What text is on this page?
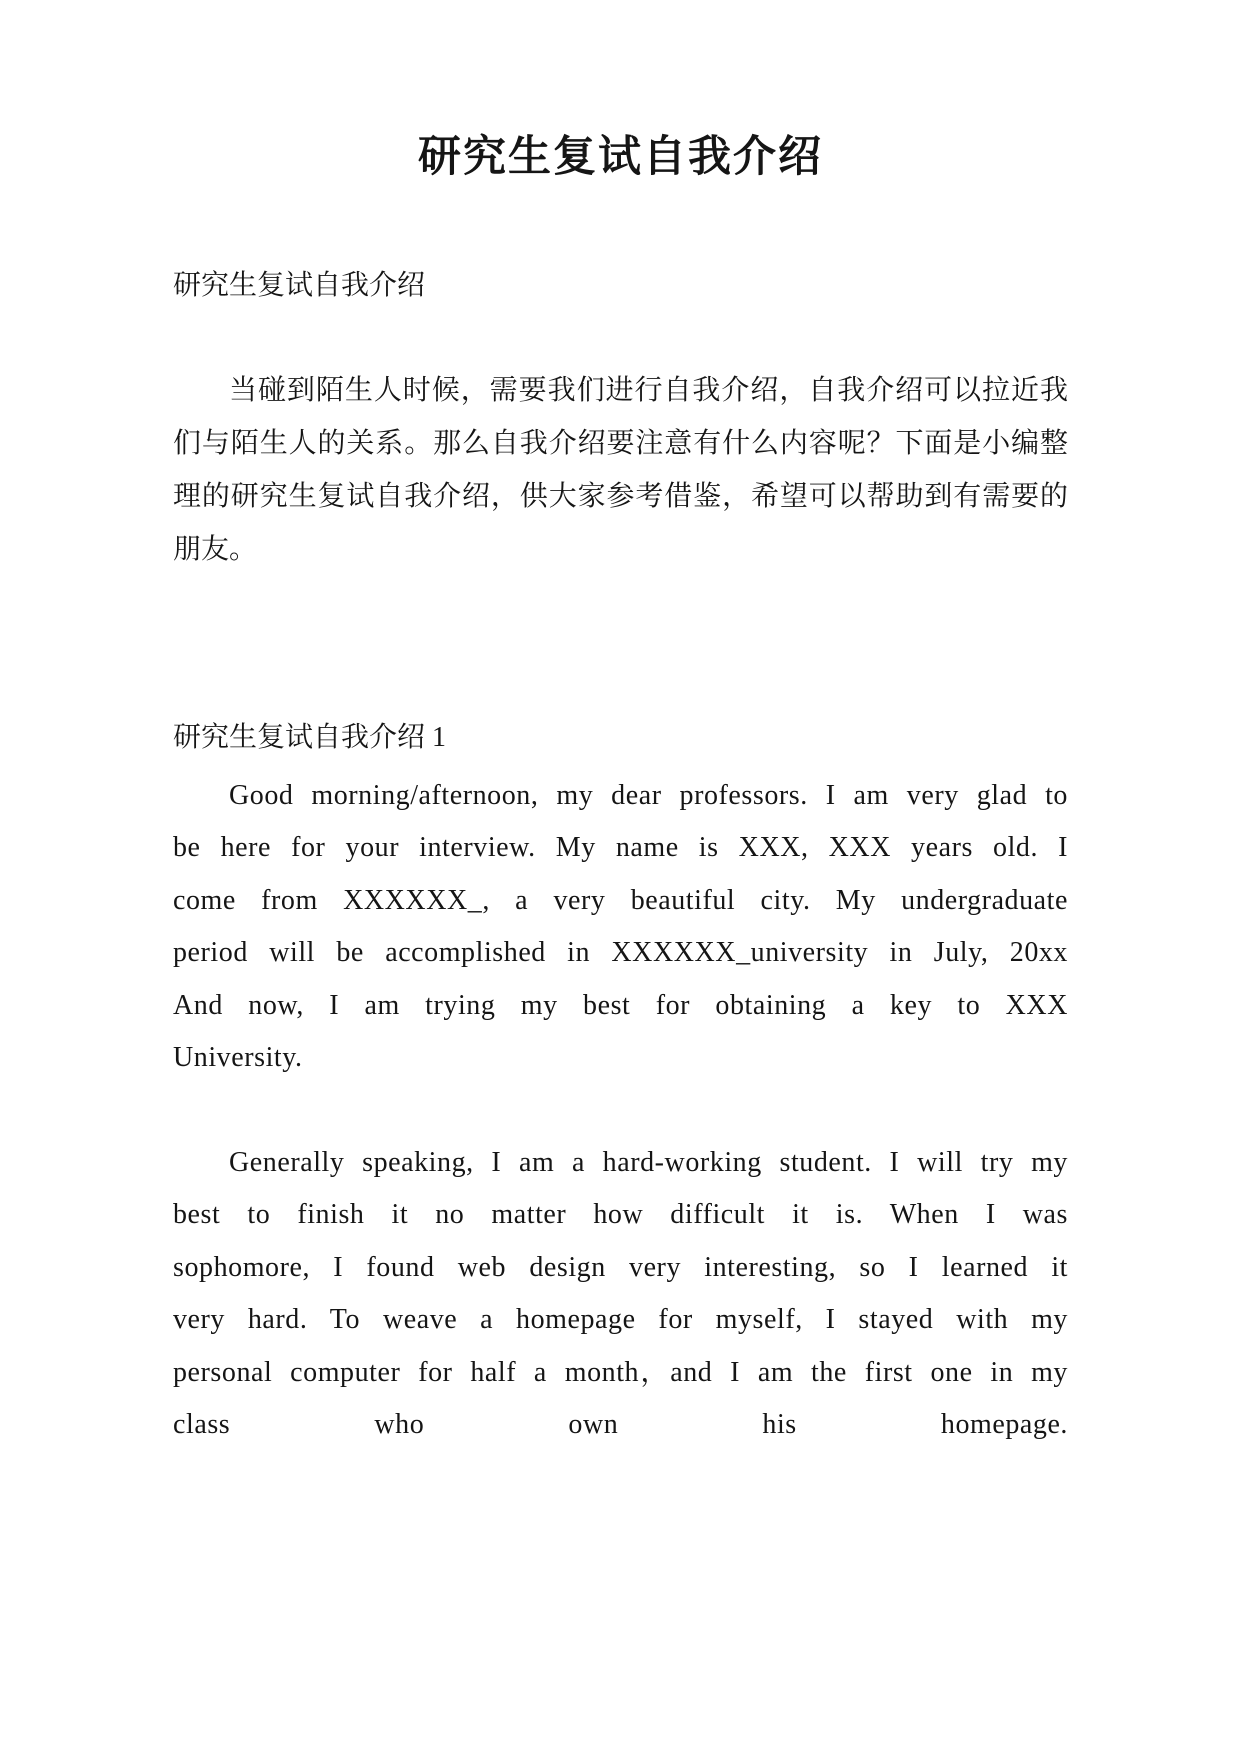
研究生复试自我介绍

研究生复试自我介绍

当碰到陌生人时候，需要我们进行自我介绍，自我介绍可以拉近我们与陌生人的关系。那么自我介绍要注意有什么内容呢？下面是小编整理的研究生复试自我介绍，供大家参考借鉴，希望可以帮助到有需要的朋友。

研究生复试自我介绍 1

Good morning/afternoon, my dear professors. I am very glad to be here for your interview. My name is XXX, XXX years old. I come from XXXXXX_, a very beautiful city. My undergraduate period will be accomplished in XXXXXX_university in July, 20xx And now, I am trying my best for obtaining a key to XXX University.

Generally speaking, I am a hard-working student. I will try my best to finish it no matter how difficult it is. When I was sophomore, I found web design very interesting, so I learned it very hard. To weave a homepage for myself, I stayed with my personal computer for half a month，and I am the first one in my class who own his homepage.
